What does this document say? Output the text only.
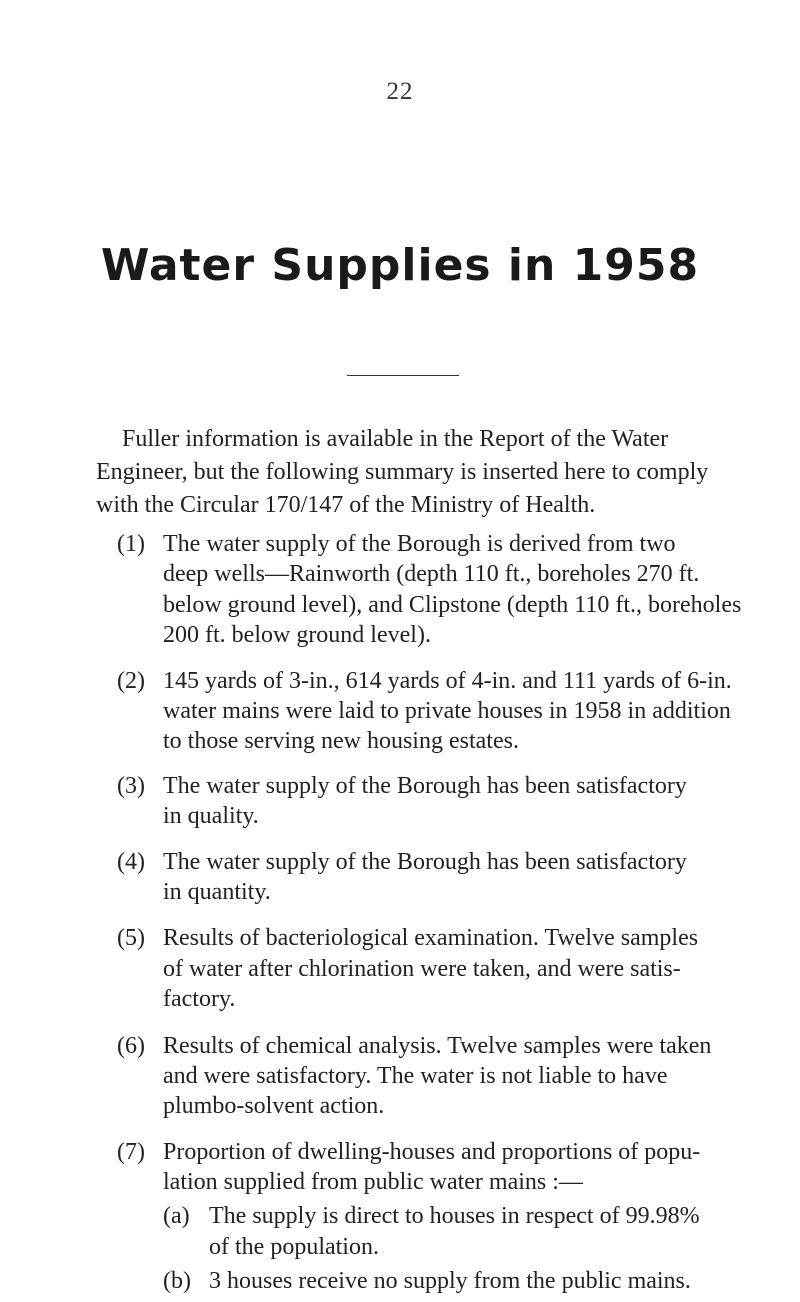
22
Water Supplies in 1958
Fuller information is available in the Report of the Water
Engineer, but the following summary is inserted here to comply
with the Circular 170/147 of the Ministry of Health.
(1) The water supply of the Borough is derived from two
deep wells—Rainworth (depth 110 ft., boreholes 270 ft.
below ground level), and Clipstone (depth 110 ft., boreholes
200 ft. below ground level).
(2) 145 yards of 3-in., 614 yards of 4-in. and 111 yards of 6-in.
water mains were laid to private houses in 1958 in addition
to those serving new housing estates.
(3) The water supply of the Borough has been satisfactory
in quality.
(4) The water supply of the Borough has been satisfactory
in quantity.
(5) Results of bacteriological examination. Twelve samples
of water after chlorination were taken, and were satis-
factory.
(6) Results of chemical analysis. Twelve samples were taken
and were satisfactory. The water is not liable to have
plumbo-solvent action.
(7) Proportion of dwelling-houses and proportions of popu-
lation supplied from public water mains :—
(a) The supply is direct to houses in respect of 99.98%
of the population.
(b) 3 houses receive no supply from the public mains.
